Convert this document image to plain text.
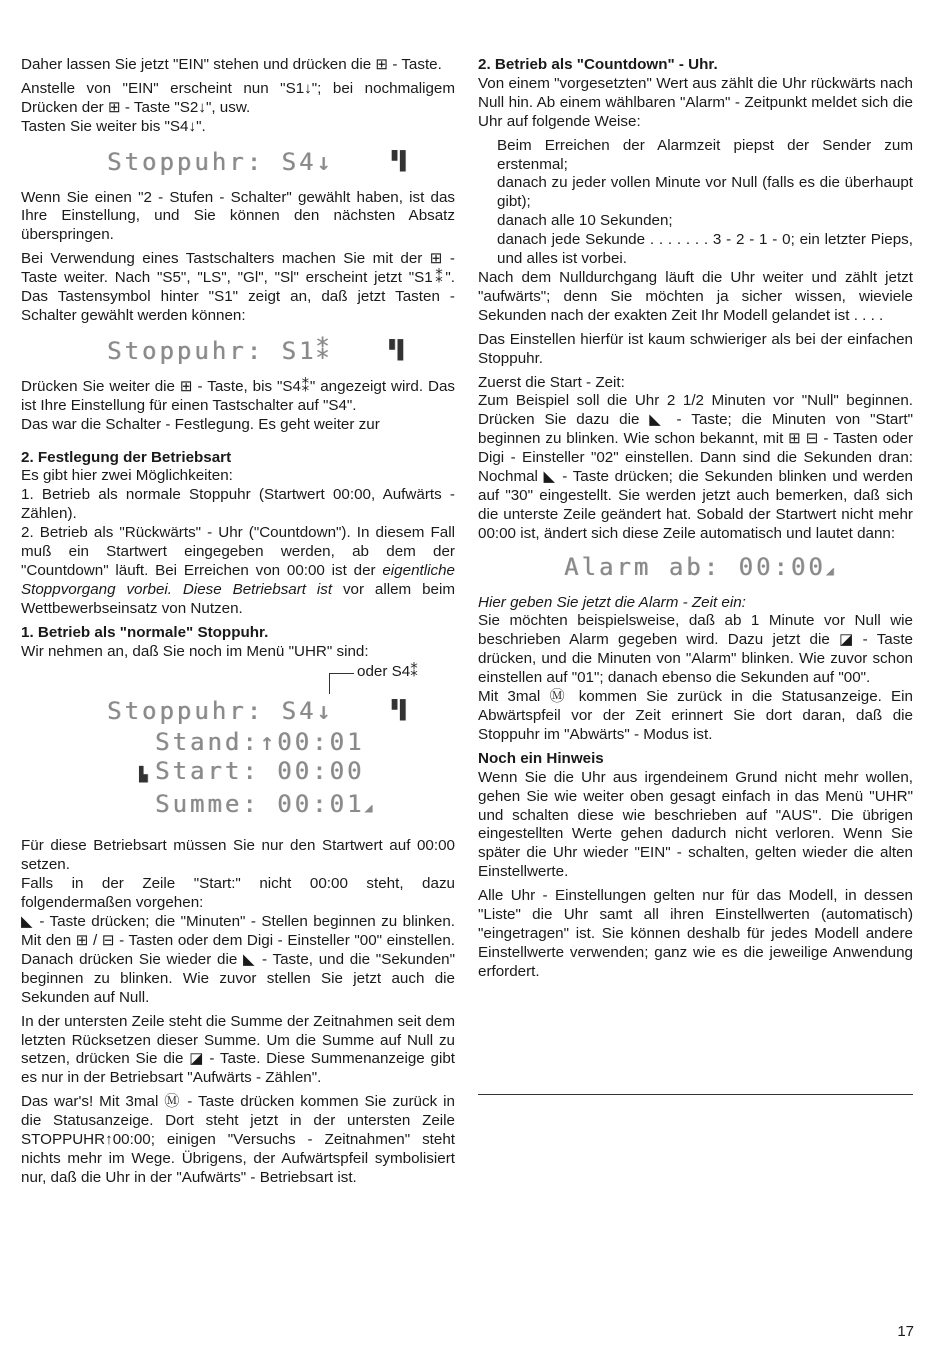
Daher lassen Sie jetzt "EIN" stehen und drücken die ⊞ - Taste.

Anstelle von "EIN" erscheint nun "S1↓"; bei nochmaligem Drücken der ⊞ - Taste "S2↓", usw.

Tasten Sie weiter bis "S4↓".

Stoppuhr: S4↓	▝▌

Wenn Sie einen "2 - Stufen - Schalter" gewählt haben, ist das Ihre Einstellung, und Sie können den nächsten Absatz überspringen.

Bei Verwendung eines Tastschalters machen Sie mit der ⊞ - Taste weiter. Nach "S5", "LS", "Gl", "Sl" erscheint jetzt "S1⁑". Das Tastensymbol hinter "S1" zeigt an, daß jetzt Tasten - Schalter gewählt werden können:

Stoppuhr: S1⁑	▝▌

Drücken Sie weiter die ⊞ - Taste, bis "S4⁑" angezeigt wird. Das ist Ihre Einstellung für einen Tastschalter auf "S4".

Das war die Schalter - Festlegung. Es geht weiter zur

2. Festlegung der Betriebsart

Es gibt hier zwei Möglichkeiten:

1. Betrieb als normale Stoppuhr (Startwert 00:00, Aufwärts - Zählen).

2. Betrieb als "Rückwärts" - Uhr ("Countdown"). In diesem Fall muß ein Startwert eingegeben werden, ab dem der "Countdown" läuft. Bei Erreichen von 00:00 ist der eigentliche Stoppvorgang vorbei. Diese Betriebsart ist vor allem beim Wettbewerbseinsatz von Nutzen.

1. Betrieb als "normale" Stoppuhr.

Wir nehmen an, daß Sie noch im Menü "UHR" sind:

oder S4⁑
Stoppuhr: S4↓	▝▌
Stand:↑00:01
▙ Start: 00:00
Summe: 00:01◢

Für diese Betriebsart müssen Sie nur den Startwert auf 00:00 setzen.

Falls in der Zeile "Start:" nicht 00:00 steht, dazu folgendermaßen vorgehen:

◣ - Taste drücken; die "Minuten" - Stellen beginnen zu blinken. Mit den ⊞ / ⊟ - Tasten oder dem Digi - Einsteller "00" einstellen. Danach drücken Sie wieder die ◣ - Taste, und die "Sekunden" beginnen zu blinken. Wie zuvor stellen Sie jetzt auch die Sekunden auf Null.

In der untersten Zeile steht die Summe der Zeitnahmen seit dem letzten Rücksetzen dieser Summe. Um die Summe auf Null zu setzen, drücken Sie die ◪ - Taste. Diese Summenanzeige gibt es nur in der Betriebsart "Aufwärts - Zählen".

Das war's! Mit 3mal Ⓜ - Taste drücken kommen Sie zurück in die Statusanzeige. Dort steht jetzt in der untersten Zeile STOPPUHR↑00:00; einigen "Versuchs - Zeitnahmen" steht nichts mehr im Wege. Übrigens, der Aufwärtspfeil symbolisiert nur, daß die Uhr in der "Aufwärts" - Betriebsart ist.

2. Betrieb als "Countdown" - Uhr.

Von einem "vorgesetzten" Wert aus zählt die Uhr rückwärts nach Null hin. Ab einem wählbaren "Alarm" - Zeitpunkt meldet sich die Uhr auf folgende Weise:

Beim Erreichen der Alarmzeit piepst der Sender zum erstenmal;

danach zu jeder vollen Minute vor Null (falls es die überhaupt gibt);

danach alle 10 Sekunden;

danach jede Sekunde . . . . . . . 3 - 2 - 1 - 0; ein letzter Pieps, und alles ist vorbei.

Nach dem Nulldurchgang läuft die Uhr weiter und zählt jetzt "aufwärts"; denn Sie möchten ja sicher wissen, wieviele Sekunden nach der exakten Zeit Ihr Modell gelandet ist . . . .

Das Einstellen hierfür ist kaum schwieriger als bei der einfachen Stoppuhr.

Zuerst die Start - Zeit:

Zum Beispiel soll die Uhr 2 1/2 Minuten vor "Null" beginnen. Drücken Sie dazu die ◣ - Taste; die Minuten von "Start" beginnen zu blinken. Wie schon bekannt, mit ⊞ ⊟ - Tasten oder Digi - Einsteller "02" einstellen. Dann sind die Sekunden dran: Nochmal ◣ - Taste drücken; die Sekunden blinken und werden auf "30" eingestellt. Sie werden jetzt auch bemerken, daß sich die unterste Zeile geändert hat. Sobald der Startwert nicht mehr 00:00 ist, ändert sich diese Zeile automatisch und lautet dann:

Alarm ab: 00:00◢

Hier geben Sie jetzt die Alarm - Zeit ein:

Sie möchten beispielsweise, daß ab 1 Minute vor Null wie beschrieben Alarm gegeben wird. Dazu jetzt die ◪ - Taste drücken, und die Minuten von "Alarm" blinken. Wie zuvor schon einstellen auf "01"; danach ebenso die Sekunden auf "00".

Mit 3mal Ⓜ kommen Sie zurück in die Statusanzeige. Ein Abwärtspfeil vor der Zeit erinnert Sie dort daran, daß die Stoppuhr im "Abwärts" - Modus ist.

Noch ein Hinweis

Wenn Sie die Uhr aus irgendeinem Grund nicht mehr wollen, gehen Sie wie weiter oben gesagt einfach in das Menü "UHR" und schalten diese wie beschrieben auf "AUS". Die übrigen eingestellten Werte gehen dadurch nicht verloren. Wenn Sie später die Uhr wieder "EIN" - schalten, gelten wieder die alten Einstellwerte.

Alle Uhr - Einstellungen gelten nur für das Modell, in dessen "Liste" die Uhr samt all ihren Einstellwerten (automatisch) "eingetragen" ist. Sie können deshalb für jedes Modell andere Einstellwerte verwenden; ganz wie es die jeweilige Anwendung erfordert.

17
